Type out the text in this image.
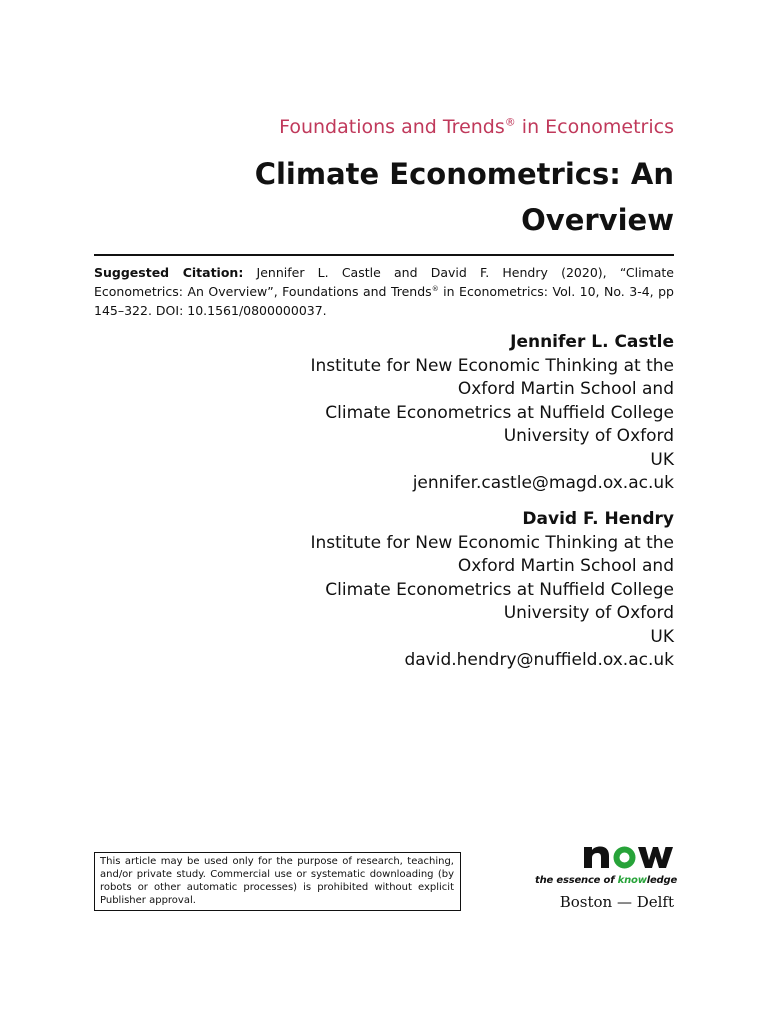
Foundations and Trends® in Econometrics
Climate Econometrics: An Overview
Suggested Citation: Jennifer L. Castle and David F. Hendry (2020), “Climate Econometrics: An Overview”, Foundations and Trends® in Econometrics: Vol. 10, No. 3-4, pp 145–322. DOI: 10.1561/0800000037.
Jennifer L. Castle
Institute for New Economic Thinking at the
Oxford Martin School and
Climate Econometrics at Nuffield College
University of Oxford
UK
jennifer.castle@magd.ox.ac.uk
David F. Hendry
Institute for New Economic Thinking at the
Oxford Martin School and
Climate Econometrics at Nuffield College
University of Oxford
UK
david.hendry@nuffield.ox.ac.uk
This article may be used only for the purpose of research, teaching, and/or private study. Commercial use or systematic downloading (by robots or other automatic processes) is prohibited without explicit Publisher approval.
the essence of knowledge
Boston — Delft
